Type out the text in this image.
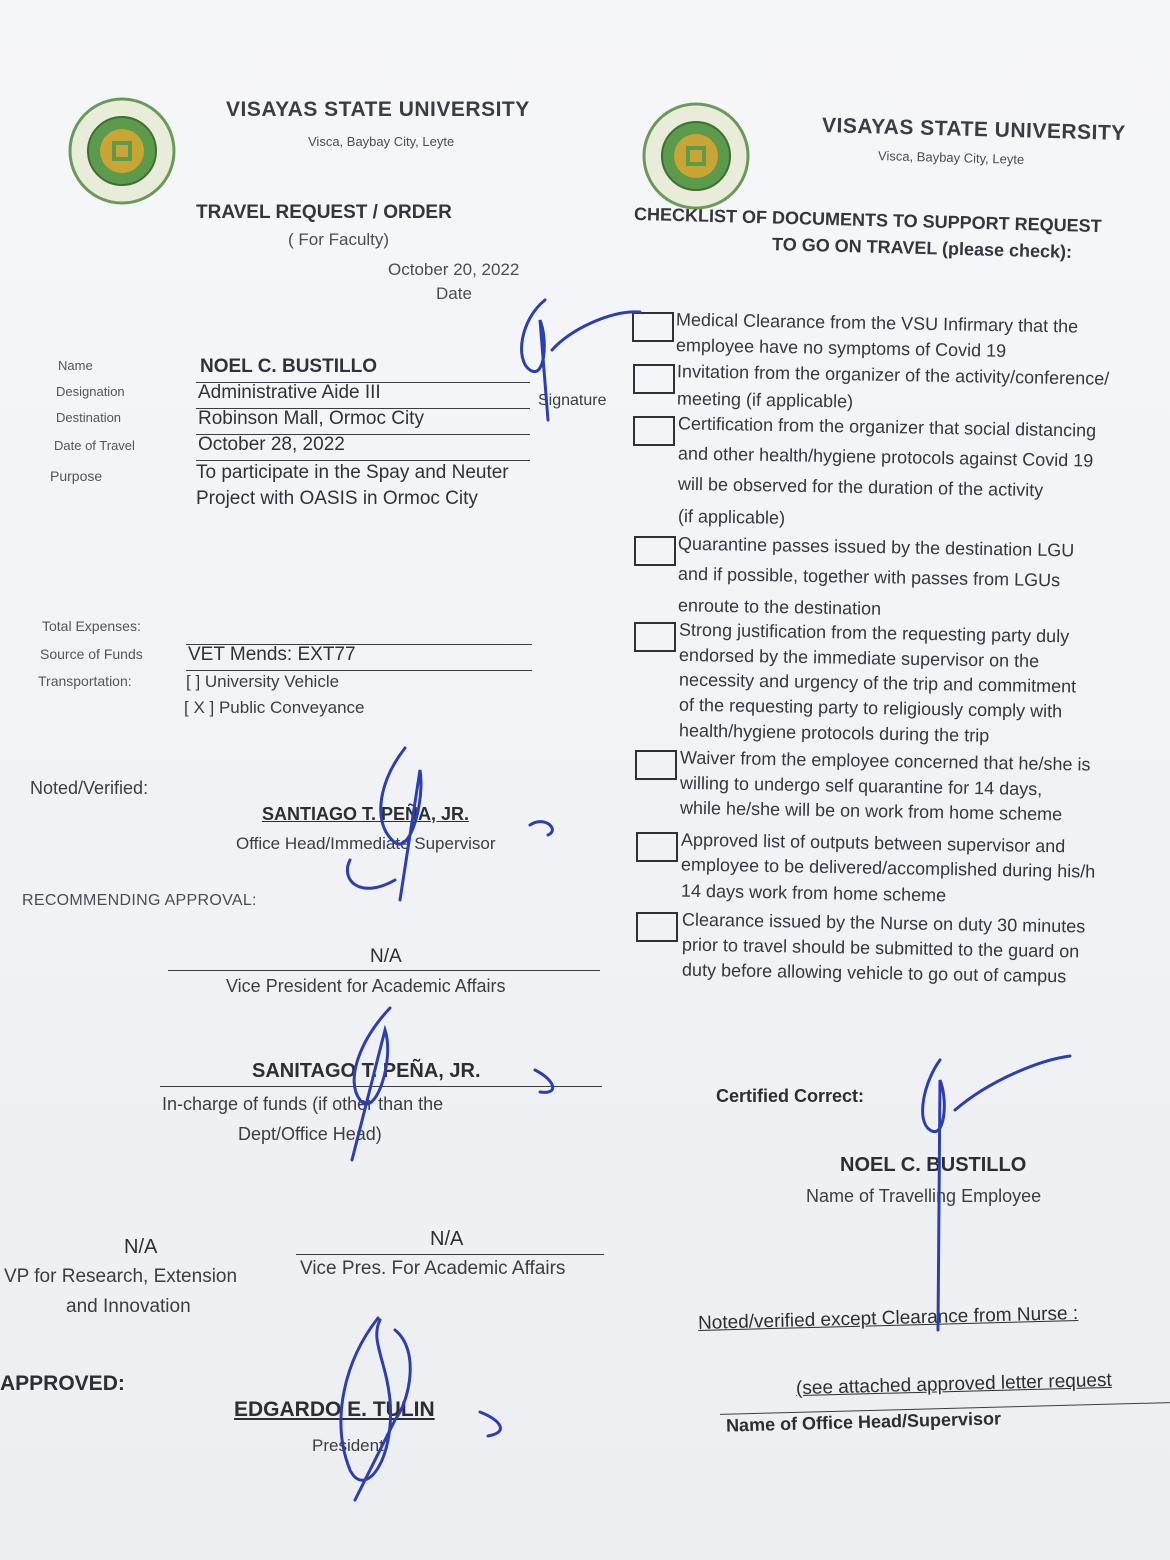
VISAYAS STATE UNIVERSITY
Visca, Baybay City, Leyte
TRAVEL REQUEST / ORDER
( For Faculty)
October 20, 2022
Date
Name	NOEL C. BUSTILLO
Designation	Administrative Aide III
Destination	Robinson Mall, Ormoc City
Date of Travel	October 28, 2022
Purpose	To participate in the Spay and Neuter
Project with OASIS in Ormoc City
Signature
Total Expenses:
Source of Funds VET Mends: EXT77
Transportation:	[ ] University Vehicle
[ X ] Public Conveyance
Noted/Verified:
SANTIAGO T. PEÑA, JR.
Office Head/Immediate Supervisor
RECOMMENDING APPROVAL:
N/A
Vice President for Academic Affairs
SANITAGO T. PEÑA, JR.
In-charge of funds (if other than the
Dept/Office Head)
N/A
VP for Research, Extension
and Innovation
N/A
Vice Pres. For Academic Affairs
APPROVED:
EDGARDO E. TULIN
President
VISAYAS STATE UNIVERSITY
Visca, Baybay City, Leyte
CHECKLIST OF DOCUMENTS TO SUPPORT REQUEST
TO GO ON TRAVEL (please check):
Medical Clearance from the VSU Infirmary that the
employee have no symptoms of Covid 19
Invitation from the organizer of the activity/conference/
meeting (if applicable)
Certification from the organizer that social distancing
and other health/hygiene protocols against Covid 19
will be observed for the duration of the activity
(if applicable)
Quarantine passes issued by the destination LGU
and if possible, together with passes from LGUs
enroute to the destination
Strong justification from the requesting party duly
endorsed by the immediate supervisor on the
necessity and urgency of the trip and commitment
of the requesting party to religiously comply with
health/hygiene protocols during the trip
Waiver from the employee concerned that he/she is
willing to undergo self quarantine for 14 days,
while he/she will be on work from home scheme
Approved list of outputs between supervisor and
employee to be delivered/accomplished during his/h
14 days work from home scheme
Clearance issued by the Nurse on duty 30 minutes
prior to travel should be submitted to the guard on
duty before allowing vehicle to go out of campus
Certified Correct:
NOEL C. BUSTILLO
Name of Travelling Employee
Noted/verified except Clearance from Nurse :
(see attached approved letter request
Name of Office Head/Supervisor
